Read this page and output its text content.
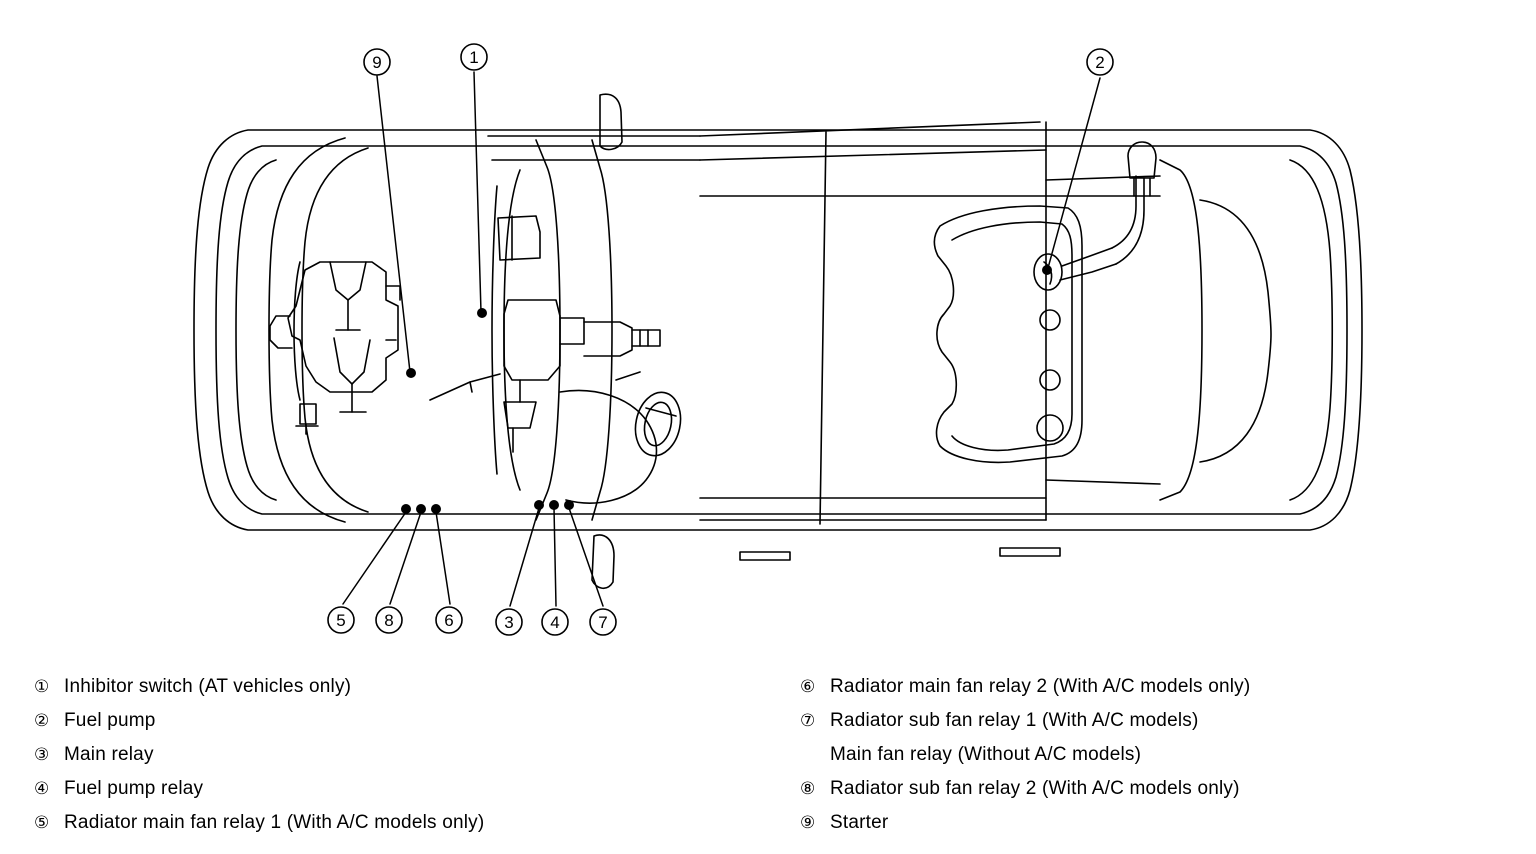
9	1	2
5 8	6	3 4 7
① Inhibitor switch (AT vehicles only)
② Fuel pump
③ Main relay
④ Fuel pump relay
⑤ Radiator main fan relay 1 (With A/C models only)
⑥ Radiator main fan relay 2 (With A/C models only)
⑦ Radiator sub fan relay 1 (With A/C models)
Main fan relay (Without A/C models)
⑧ Radiator sub fan relay 2 (With A/C models only)
⑨ Starter
